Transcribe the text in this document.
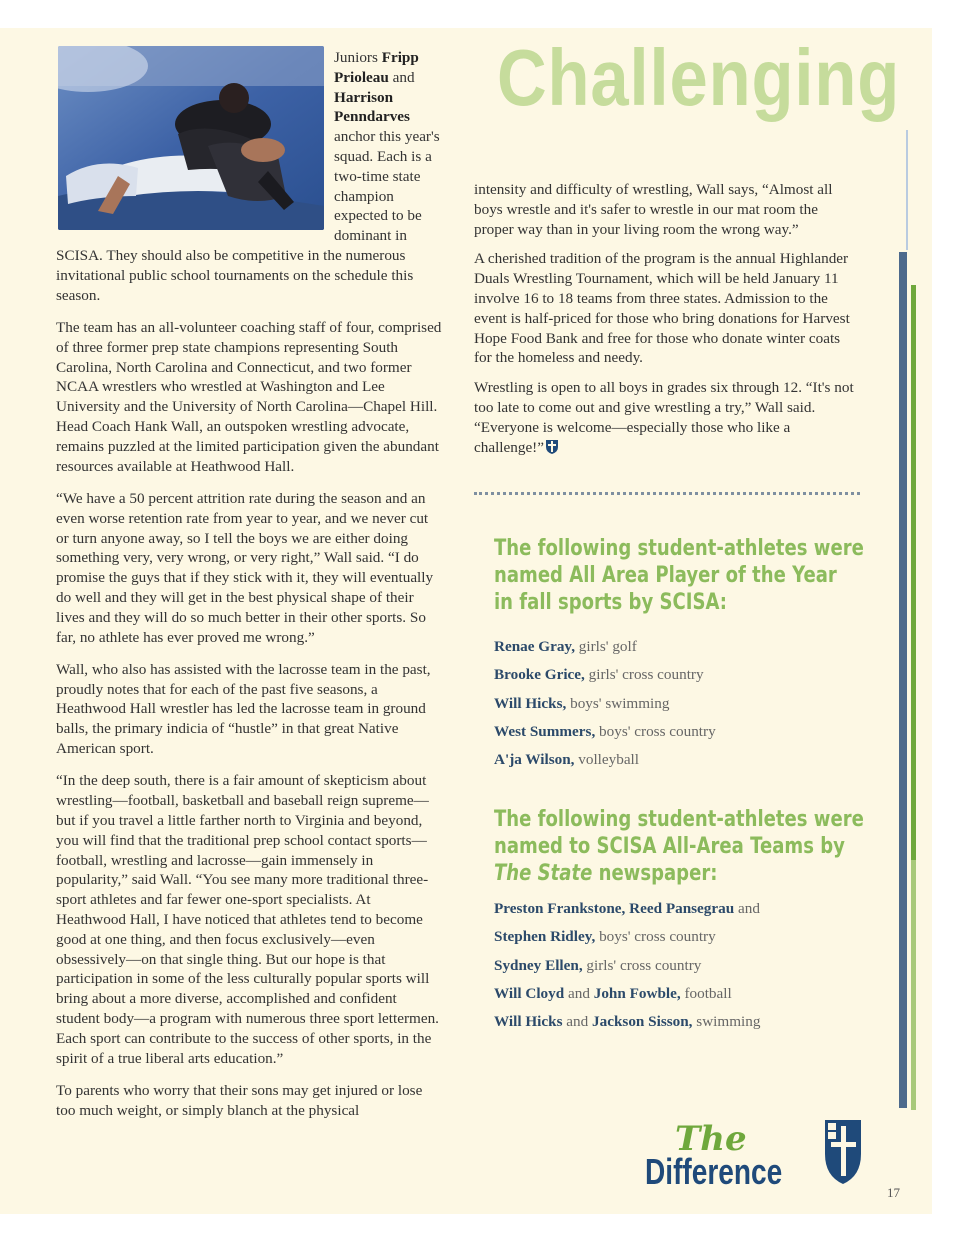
Juniors Fripp Prioleau and Harrison Penndarves anchor this year's squad. Each is a two-time state champion expected to be dominant in SCISA. They should also be competitive in the numerous invitational public school tournaments on the schedule this season.

The team has an all-volunteer coaching staff of four, comprised of three former prep state champions representing South Carolina, North Carolina and Connecticut, and two former NCAA wrestlers who wrestled at Washington and Lee University and the University of North Carolina—Chapel Hill. Head Coach Hank Wall, an outspoken wrestling advocate, remains puzzled at the limited participation given the abundant resources available at Heathwood Hall.

“We have a 50 percent attrition rate during the season and an even worse retention rate from year to year, and we never cut or turn anyone away, so I tell the boys we are either doing something very, very wrong, or very right,” Wall said. “I do promise the guys that if they stick with it, they will eventually do well and they will get in the best physical shape of their lives and they will do so much better in their other sports. So far, no athlete has ever proved me wrong.”

Wall, who also has assisted with the lacrosse team in the past, proudly notes that for each of the past five seasons, a Heathwood Hall wrestler has led the lacrosse team in ground balls, the primary indicia of “hustle” in that great Native American sport.

“In the deep south, there is a fair amount of skepticism about wrestling—football, basketball and baseball reign supreme—but if you travel a little farther north to Virginia and beyond, you will find that the traditional prep school contact sports—football, wrestling and lacrosse—gain immensely in popularity,” said Wall. “You see many more traditional three-sport athletes and far fewer one-sport specialists. At Heathwood Hall, I have noticed that athletes tend to become good at one thing, and then focus exclusively—even obsessively—on that single thing. But our hope is that participation in some of the less culturally popular sports will bring about a more diverse, accomplished and confident student body—a program with numerous three sport lettermen. Each sport can contribute to the success of other sports, in the spirit of a true liberal arts education.”

To parents who worry that their sons may get injured or lose too much weight, or simply blanch at the physical

Challenging

intensity and difficulty of wrestling, Wall says, “Almost all boys wrestle and it's safer to wrestle in our mat room the proper way than in your living room the wrong way.”

A cherished tradition of the program is the annual Highlander Duals Wrestling Tournament, which will be held January 11 involve 16 to 18 teams from three states. Admission to the event is half-priced for those who bring donations for Harvest Hope Food Bank and free for those who donate winter coats for the homeless and needy.

Wrestling is open to all boys in grades six through 12. “It's not too late to come out and give wrestling a try,” Wall said. “Everyone is welcome—especially those who like a challenge!”

The following student-athletes were
named All Area Player of the Year
in fall sports by SCISA:
Renae Gray, girls' golf
Brooke Grice, girls' cross country
Will Hicks, boys' swimming
West Summers, boys' cross country
A'ja Wilson, volleyball
The following student-athletes were
named to SCISA All-Area Teams by
The State newspaper:
Preston Frankstone, Reed Pansegrau and
Stephen Ridley, boys' cross country
Sydney Ellen, girls' cross country
Will Cloyd and John Fowble, football
Will Hicks and Jackson Sisson, swimming
The
Difference
17
